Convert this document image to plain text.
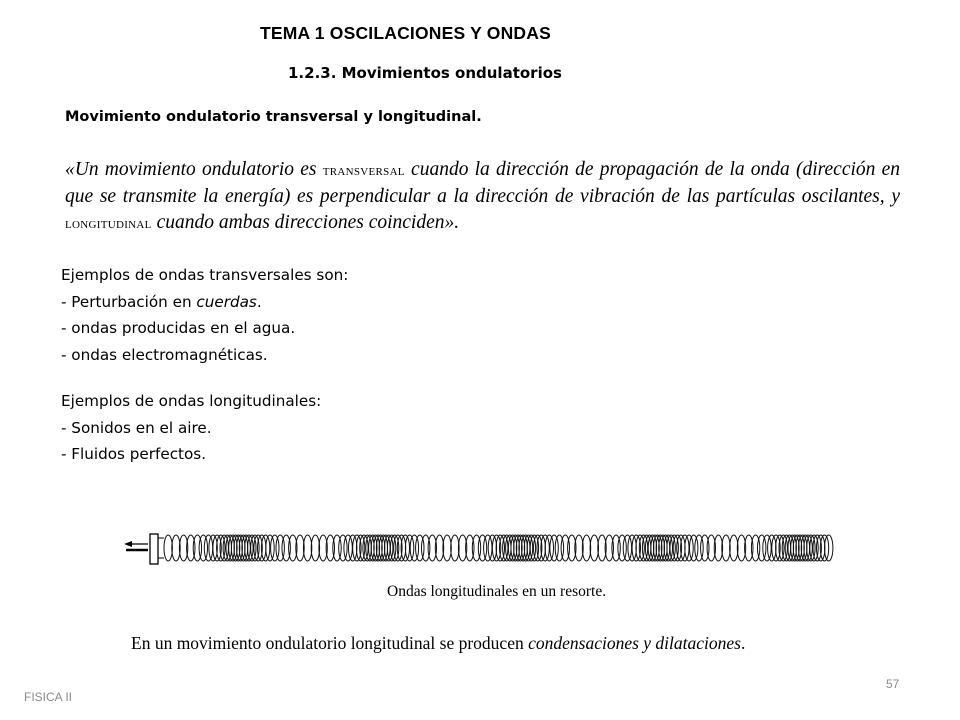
TEMA 1 OSCILACIONES Y ONDAS
1.2.3. Movimientos ondulatorios
Movimiento ondulatorio transversal y longitudinal.
«Un movimiento ondulatorio es transversal cuando la dirección de propagación de la onda (dirección en que se transmite la energía) es perpendicular a la dirección de vibración de las partículas oscilantes, y longitudinal cuando ambas direcciones coinciden».
Ejemplos de ondas transversales son:
- Perturbación en cuerdas.
- ondas producidas en el agua.
- ondas electromagnéticas.
Ejemplos de ondas longitudinales:
- Sonidos en el aire.
- Fluidos perfectos.
Ondas longitudinales en un resorte.
En un movimiento ondulatorio longitudinal se producen condensaciones y dilataciones.
FISICA II
57
